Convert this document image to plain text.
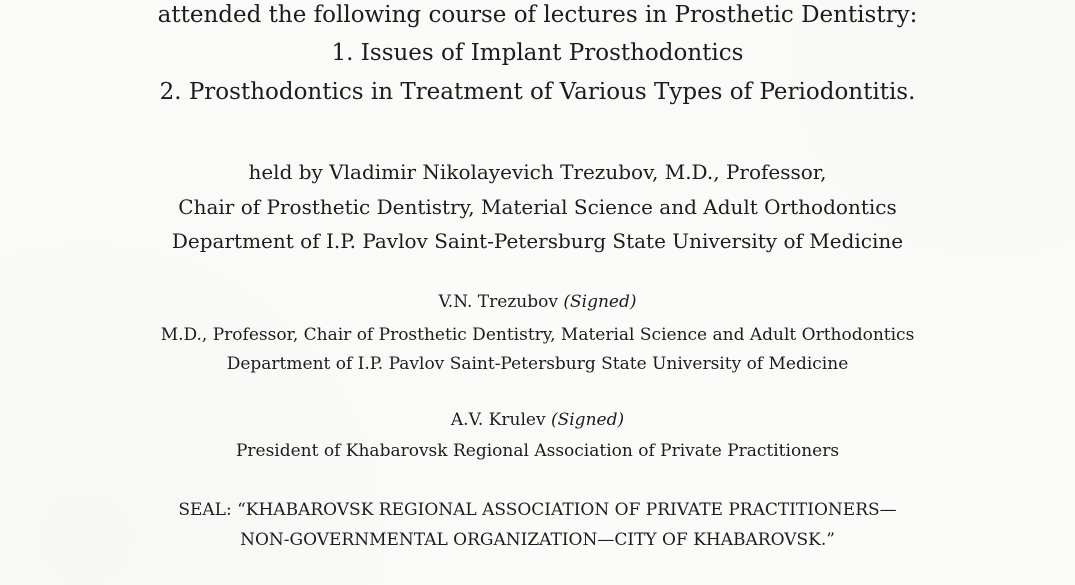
attended the following course of lectures in Prosthetic Dentistry:
1. Issues of Implant Prosthodontics
2. Prosthodontics in Treatment of Various Types of Periodontitis.
held by Vladimir Nikolayevich Trezubov, M.D., Professor,
Chair of Prosthetic Dentistry, Material Science and Adult Orthodontics
Department of I.P. Pavlov Saint-Petersburg State University of Medicine
V.N. Trezubov (Signed)
M.D., Professor, Chair of Prosthetic Dentistry, Material Science and Adult Orthodontics
Department of I.P. Pavlov Saint-Petersburg State University of Medicine
A.V. Krulev (Signed)
President of Khabarovsk Regional Association of Private Practitioners
SEAL: “KHABAROVSK REGIONAL ASSOCIATION OF PRIVATE PRACTITIONERS—
NON-GOVERNMENTAL ORGANIZATION—CITY OF KHABAROVSK.”
